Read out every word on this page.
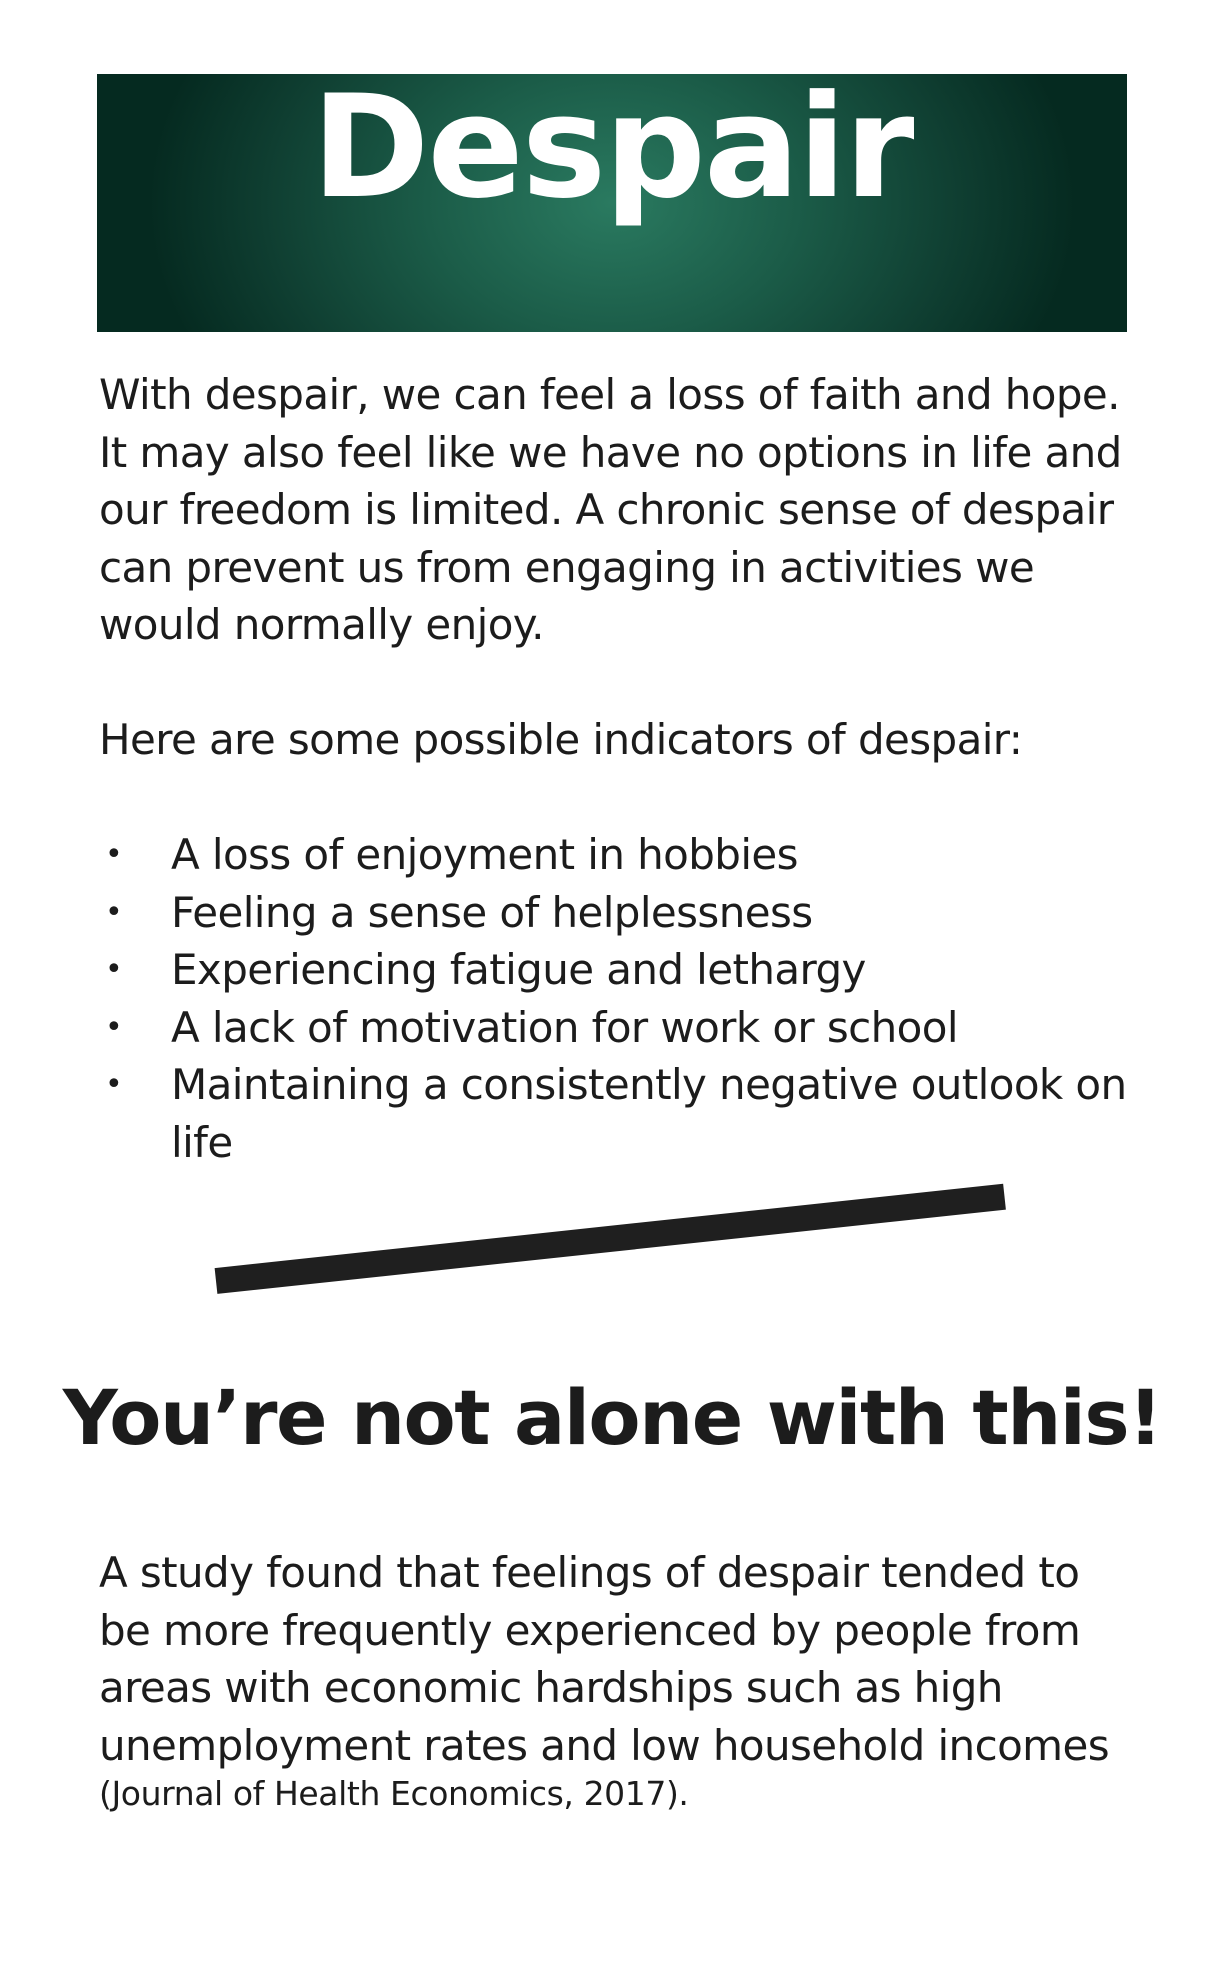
Despair

With despair, we can feel a loss of faith and hope. It may also feel like we have no options in life and our freedom is limited. A chronic sense of despair can prevent us from engaging in activities we would normally enjoy.

Here are some possible indicators of despair:

• A loss of enjoyment in hobbies
• Feeling a sense of helplessness
• Experiencing fatigue and lethargy
• A lack of motivation for work or school
• Maintaining a consistently negative outlook on life
You’re not alone with this!

A study found that feelings of despair tended to be more frequently experienced by people from areas with economic hardships such as high unemployment rates and low household incomes

(Journal of Health Economics, 2017).
